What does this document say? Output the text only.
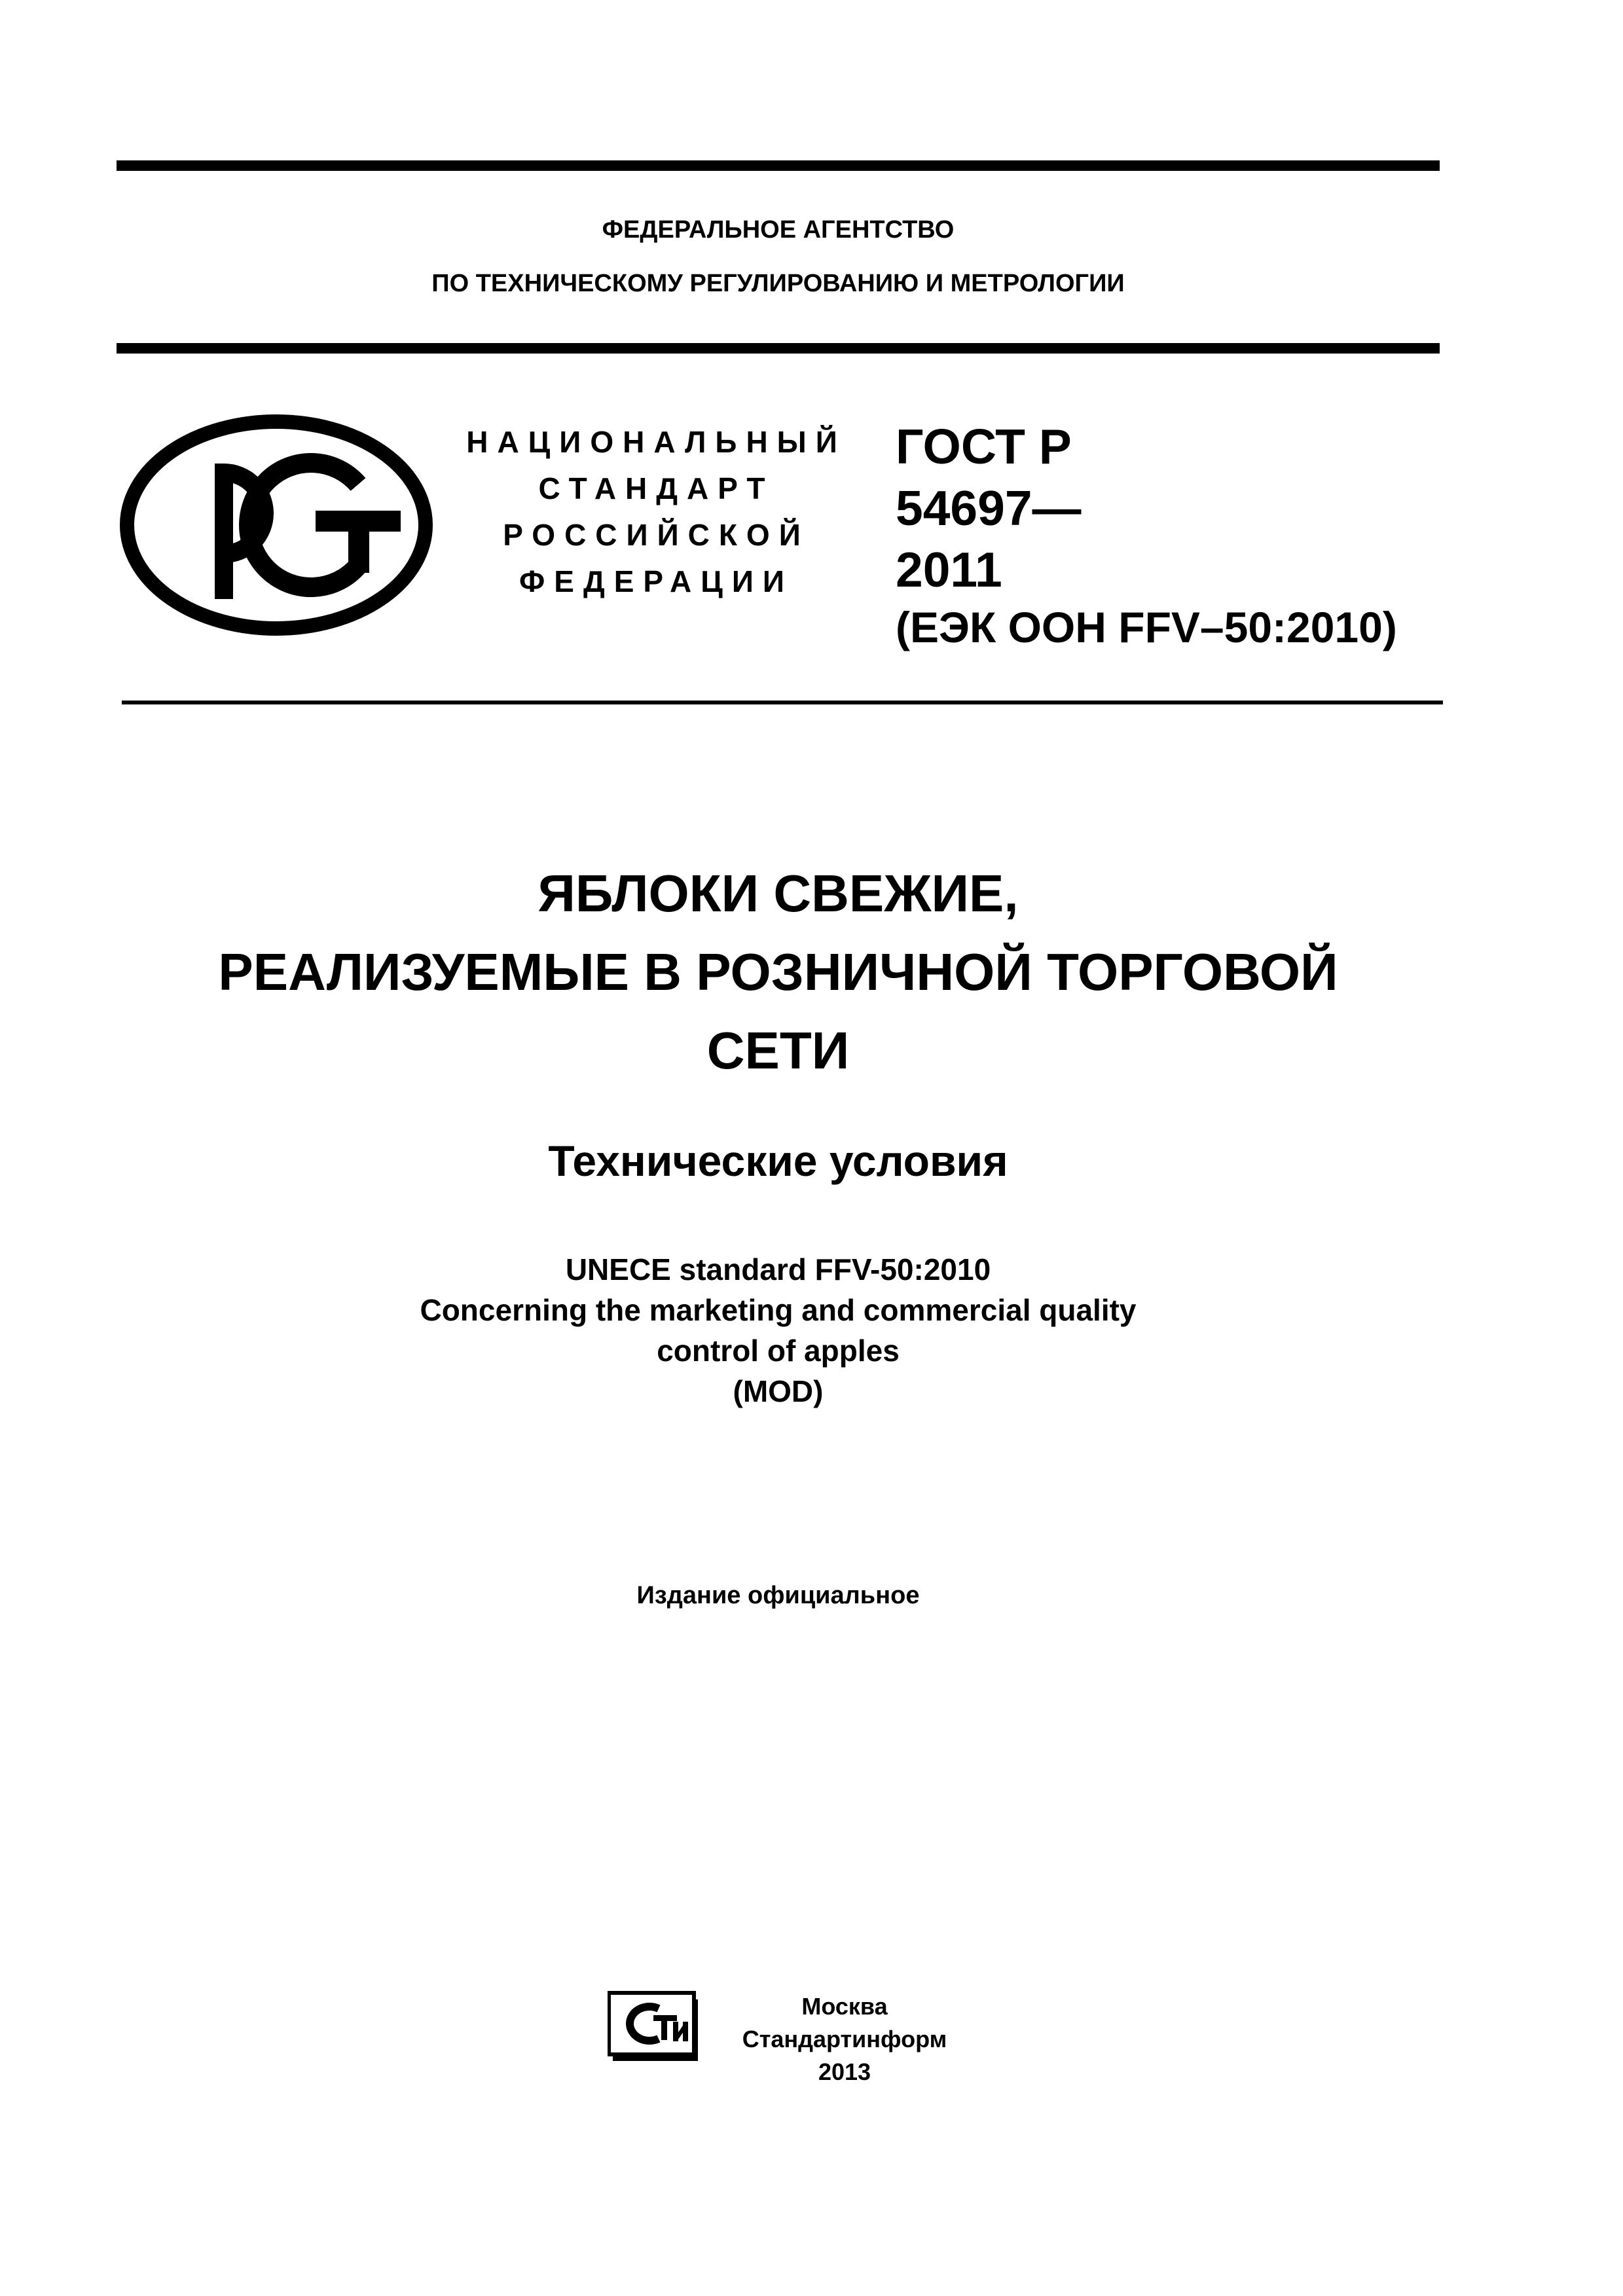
ФЕДЕРАЛЬНОЕ АГЕНТСТВО
ПО ТЕХНИЧЕСКОМУ РЕГУЛИРОВАНИЮ И МЕТРОЛОГИИ
НАЦИОНАЛЬНЫЙ
СТАНДАРТ
РОССИЙСКОЙ
ФЕДЕРАЦИИ
ГОСТ Р
54697—
2011
(ЕЭК ООН FFV–50:2010)
ЯБЛОКИ СВЕЖИЕ,
РЕАЛИЗУЕМЫЕ В РОЗНИЧНОЙ ТОРГОВОЙ
СЕТИ
Технические условия
UNECE standard FFV-50:2010
Concerning the marketing and commercial quality
control of apples
(MOD)
Издание официальное
Москва
Стандартинформ
2013
